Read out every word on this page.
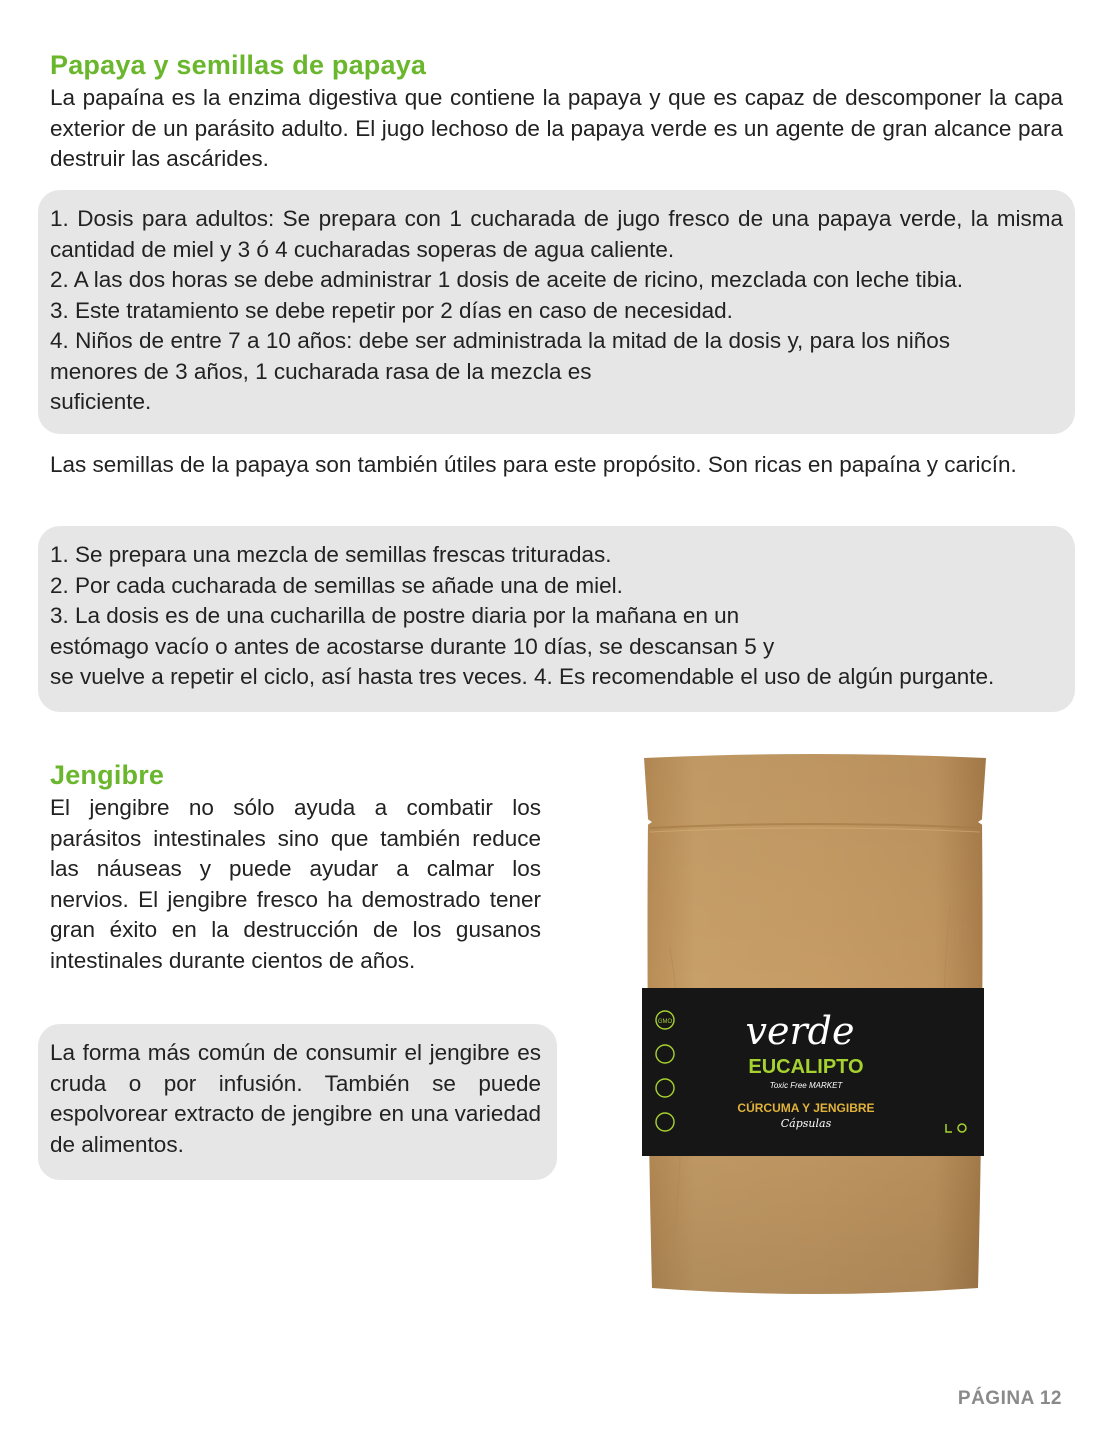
Papaya y semillas de papaya

La papaína es la enzima digestiva que contiene la papaya y que es capaz de descomponer la capa exterior de un parásito adulto. El jugo lechoso de la papaya verde es un agente de gran alcance para destruir las ascárides.

1. Dosis para adultos: Se prepara con 1 cucharada de jugo fresco de una papaya verde, la misma cantidad de miel y 3 ó 4 cucharadas soperas de agua caliente.
2. A las dos horas se debe administrar 1 dosis de aceite de ricino, mezclada con leche tibia.
3. Este tratamiento se debe repetir por 2 días en caso de necesidad.
4. Niños de entre 7 a 10 años: debe ser administrada la mitad de la dosis y, para los niños menores de 3 años, 1 cucharada rasa de la mezcla es
suficiente.

Las semillas de la papaya son también útiles para este propósito. Son ricas en papaína y caricín.

1. Se prepara una mezcla de semillas frescas trituradas.
2. Por cada cucharada de semillas se añade una de miel.
3. La dosis es de una cucharilla de postre diaria por la mañana en un
estómago vacío o antes de acostarse durante 10 días, se descansan 5 y
se vuelve a repetir el ciclo, así hasta tres veces. 4. Es recomendable el uso de algún purgante.
Jengibre

El jengibre no sólo ayuda a combatir los parásitos intestinales sino que también reduce las náuseas y puede ayudar a calmar los nervios. El jengibre fresco ha demostrado tener gran éxito en la destrucción de los gusanos intestinales durante cientos de años.

La forma más común de consumir el jengibre es cruda o por infusión. También se puede espolvorear extracto de jengibre en una variedad de alimentos.
GMO verde
EUCALIPTO
Toxic Free MARKET
CÚRCUMA Y JENGIBRE
Cápsulas
PÁGINA 12
